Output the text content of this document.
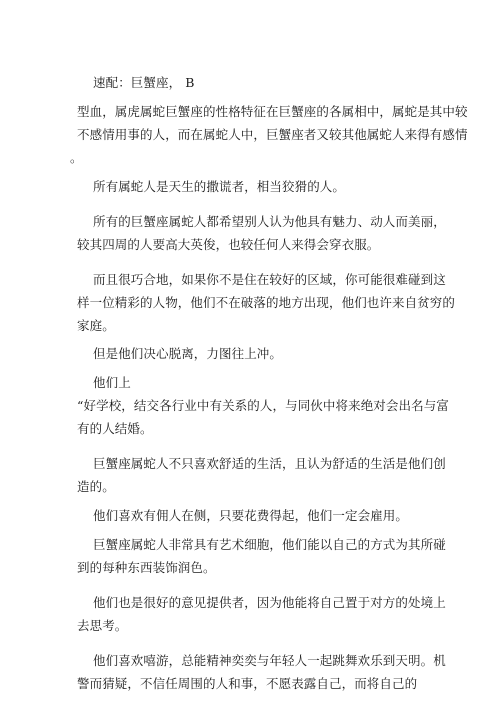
速配：巨蟹座， B
型血，属虎属蛇巨蟹座的性格特征在巨蟹座的各属相中，属蛇是其中较
不感情用事的人，而在属蛇人中，巨蟹座者又较其他属蛇人来得有感情
。
所有属蛇人是天生的撒谎者，相当狡猾的人。
所有的巨蟹座属蛇人都希望别人认为他具有魅力、动人而美丽，
较其四周的人要高大英俊，也较任何人来得会穿衣服。
而且很巧合地，如果你不是住在较好的区域，你可能很难碰到这
样一位精彩的人物，他们不在破落的地方出现，他们也许来自贫穷的
家庭。
但是他们决心脱离，力图往上冲。
他们上
“好学校，结交各行业中有关系的人，与同伙中将来绝对会出名与富
有的人结婚。
巨蟹座属蛇人不只喜欢舒适的生活，且认为舒适的生活是他们创
造的。
他们喜欢有佣人在侧，只要花费得起，他们一定会雇用。
巨蟹座属蛇人非常具有艺术细胞，他们能以自己的方式为其所碰
到的每种东西装饰润色。
他们也是很好的意见提供者，因为他能将自己置于对方的处境上
去思考。
他们喜欢嘻游，总能精神奕奕与年轻人一起跳舞欢乐到天明。机
警而猜疑，不信任周围的人和事，不愿表露自己，而将自己的
